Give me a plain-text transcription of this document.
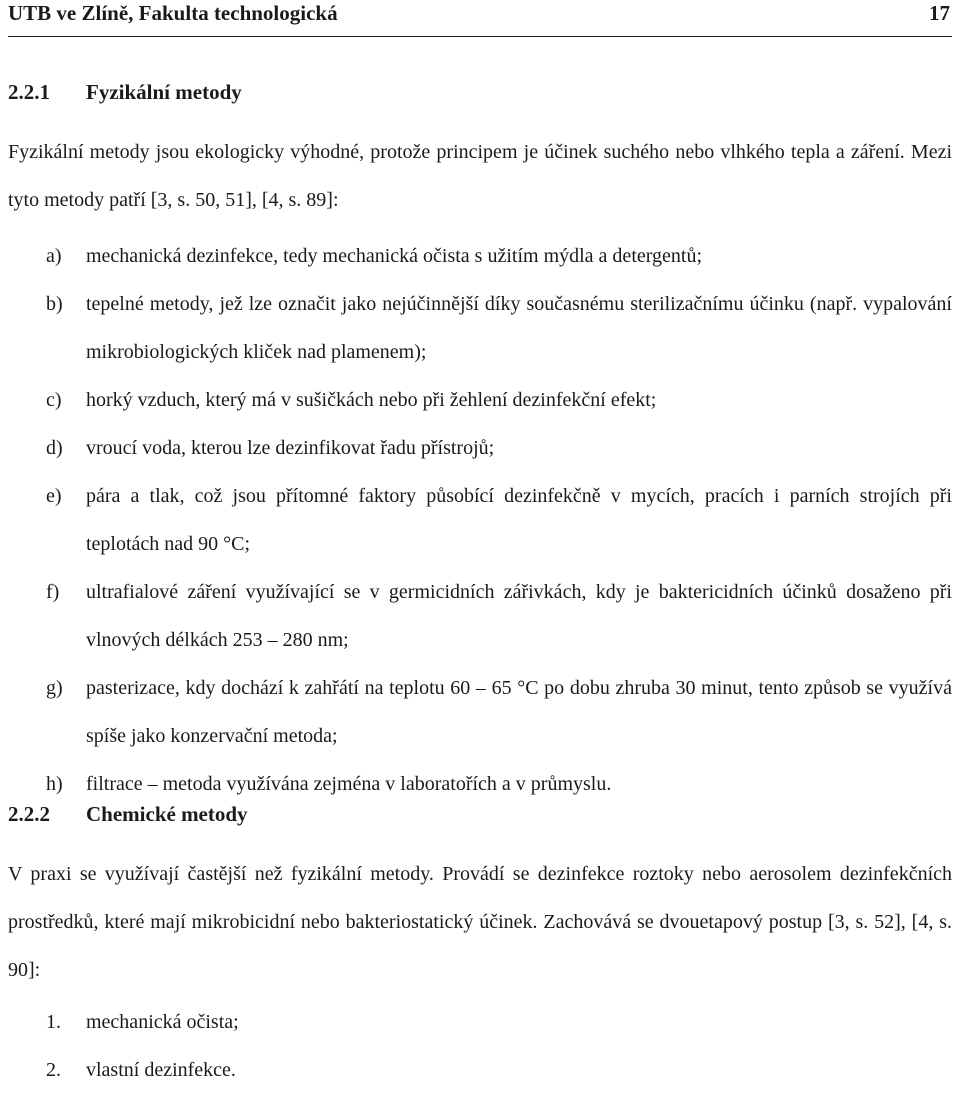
UTB ve Zlíně, Fakulta technologická	17
2.2.1 Fyzikální metody

Fyzikální metody jsou ekologicky výhodné, protože principem je účinek suchého nebo vlhkého tepla a záření. Mezi tyto metody patří [3, s. 50, 51], [4, s. 89]:

a) mechanická dezinfekce, tedy mechanická očista s užitím mýdla a detergentů;
b) tepelné metody, jež lze označit jako nejúčinnější díky současnému sterilizačnímu účinku (např. vypalování mikrobiologických kliček nad plamenem);
c) horký vzduch, který má v sušičkách nebo při žehlení dezinfekční efekt;
d) vroucí voda, kterou lze dezinfikovat řadu přístrojů;
e) pára a tlak, což jsou přítomné faktory působící dezinfekčně v mycích, pracích i parních strojích při teplotách nad 90 °C;
f) ultrafialové záření využívající se v germicidních zářivkách, kdy je baktericidních účinků dosaženo při vlnových délkách 253 – 280 nm;
g) pasterizace, kdy dochází k zahřátí na teplotu 60 – 65 °C po dobu zhruba 30 minut, tento způsob se využívá spíše jako konzervační metoda;
h) filtrace – metoda využívána zejména v laboratořích a v průmyslu.
2.2.2 Chemické metody

V praxi se využívají častější než fyzikální metody. Provádí se dezinfekce roztoky nebo aerosolem dezinfekčních prostředků, které mají mikrobicidní nebo bakteriostatický účinek. Zachovává se dvouetapový postup [3, s. 52], [4, s. 90]:

1. mechanická očista;
2. vlastní dezinfekce.
